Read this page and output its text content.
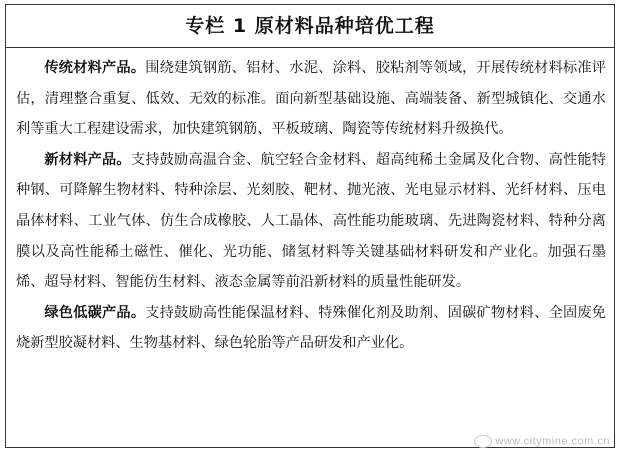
专栏 1 原材料品种培优工程

传统材料产品。围绕建筑钢筋、铝材、水泥、涂料、胶粘剂等领域，开展传统材料标准评估，清理整合重复、低效、无效的标准。面向新型基础设施、高端装备、新型城镇化、交通水利等重大工程建设需求，加快建筑钢筋、平板玻璃、陶瓷等传统材料升级换代。

新材料产品。支持鼓励高温合金、航空轻合金材料、超高纯稀土金属及化合物、高性能特种钢、可降解生物材料、特种涂层、光刻胶、靶材、抛光液、光电显示材料、光纤材料、压电晶体材料、工业气体、仿生合成橡胶、人工晶体、高性能功能玻璃、先进陶瓷材料、特种分离膜以及高性能稀土磁性、催化、光功能、储氢材料等关键基础材料研发和产业化。加强石墨烯、超导材料、智能仿生材料、液态金属等前沿新材料的质量性能研发。

绿色低碳产品。支持鼓励高性能保温材料、特殊催化剂及助剂、固碳矿物材料、全固废免烧新型胶凝材料、生物基材料、绿色轮胎等产品研发和产业化。

www.citymine.com.cn
